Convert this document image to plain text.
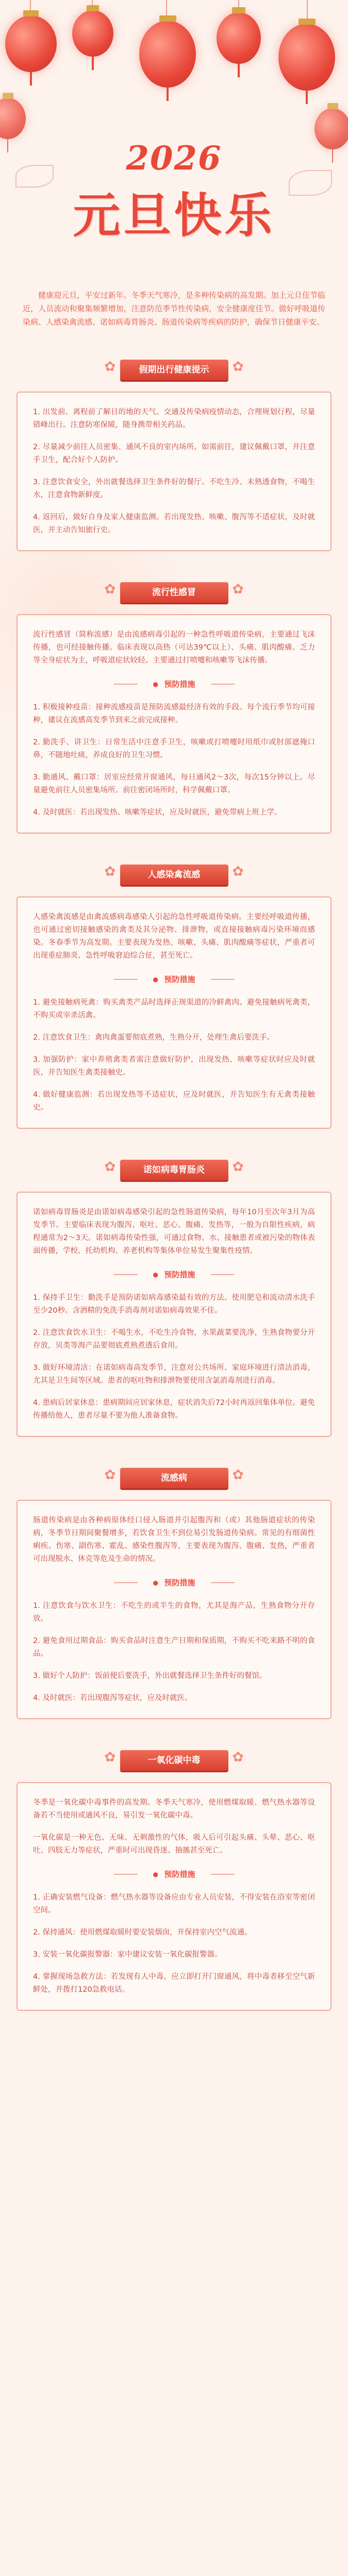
2026
元旦快乐

健康迎元旦，平安过新年。冬季天气寒冷，是多种传染病的高发期。加上元旦佳节临近，人员流动和聚集频繁增加，注意防范季节性传染病，安全健康度佳节。做好呼吸道传染病、人感染禽流感、诺如病毒胃肠炎、肠道传染病等疾病的防护，确保节日健康平安。

✿ 假期出行健康提示 ✿

1. 出发前、离程前了解目的地的天气、交通及传染病疫情动态，合理规划行程，尽量错峰出行。注意防寒保暖，随身携带相关药品。

2. 尽量减少前往人员密集、通风不良的室内场所。如需前往，建议佩戴口罩，并注意手卫生，配合好个人防护。

3. 注意饮食安全，外出就餐选择卫生条件好的餐厅。不吃生冷、未熟透食物，不喝生水，注意食物新鲜度。

4. 返回后，做好自身及家人健康监测。若出现发热、咳嗽、腹泻等不适症状，及时就医，并主动告知旅行史。

✿ 流行性感冒 ✿

流行性感冒（简称流感）是由流感病毒引起的一种急性呼吸道传染病，主要通过飞沫传播，也可经接触传播。临床表现以高热（可达39℃以上）、头痛、肌肉酸痛、乏力等全身症状为主，呼吸道症状较轻。主要通过打喷嚏和咳嗽等飞沫传播。

● 预防措施

1. 积极接种疫苗：接种流感疫苗是预防流感最经济有效的手段。每个流行季节均可接种，建议在流感高发季节到来之前完成接种。

2. 勤洗手、讲卫生：日常生活中注意手卫生，咳嗽或打喷嚏时用纸巾或肘部遮掩口鼻，不随地吐痰，养成良好的卫生习惯。

3. 勤通风、戴口罩：居室应经常开窗通风，每日通风2～3次，每次15分钟以上。尽量避免前往人员密集场所。前往密闭场所时，科学佩戴口罩。

4. 及时就医：若出现发热、咳嗽等症状，应及时就医，避免带病上班上学。

✿ 人感染禽流感 ✿

人感染禽流感是由禽流感病毒感染人引起的急性呼吸道传染病。主要经呼吸道传播，也可通过密切接触感染的禽类及其分泌物、排泄物，或直接接触病毒污染环境而感染。冬春季节为高发期。主要表现为发热、咳嗽、头痛、肌肉酸痛等症状，严重者可出现重症肺炎、急性呼吸窘迫综合征，甚至死亡。

● 预防措施

1. 避免接触病死禽：购买禽类产品时选择正规渠道的冷鲜禽肉。避免接触病死禽类，不购买或宰杀活禽。

2. 注意饮食卫生：禽肉禽蛋要彻底煮熟，生熟分开，处理生禽后要洗手。

3. 加强防护：家中养殖禽类者需注意做好防护，出现发热、咳嗽等症状时应及时就医，并告知医生禽类接触史。

4. 做好健康监测：若出现发热等不适症状，应及时就医，并告知医生有无禽类接触史。

✿ 诺如病毒胃肠炎 ✿

诺如病毒胃肠炎是由诺如病毒感染引起的急性肠道传染病，每年10月至次年3月为高发季节。主要临床表现为腹泻、呕吐、恶心、腹痛、发热等，一般为自限性疾病，病程通常为2～3天。诺如病毒传染性强，可通过食物、水、接触患者或被污染的物体表面传播，学校、托幼机构、养老机构等集体单位易发生聚集性疫情。

● 预防措施

1. 保持手卫生：勤洗手是预防诺如病毒感染最有效的方法。使用肥皂和流动清水洗手至少20秒。含酒精的免洗手消毒剂对诺如病毒效果不佳。

2. 注意饮食饮水卫生：不喝生水，不吃生冷食物，水果蔬菜要洗净，生熟食物要分开存放，贝类等海产品要彻底煮熟煮透后食用。

3. 做好环境清洁：在诺如病毒高发季节，注意对公共场所、家庭环境进行清洁消毒，尤其是卫生间等区域。患者的呕吐物和排泄物要使用含氯消毒剂进行消毒。

4. 患病后居家休息：患病期间应居家休息，症状消失后72小时再返回集体单位。避免传播给他人，患者尽量不要为他人准备食物。

✿ 流感病 ✿

肠道传染病是由各种病原体经口侵入肠道并引起腹泻和（或）其他肠道症状的传染病，冬季节日期间聚餐增多，若饮食卫生不到位易引发肠道传染病。常见的有细菌性痢疾、伤寒、副伤寒、霍乱、感染性腹泻等，主要表现为腹泻、腹痛、发热，严重者可出现脱水、休克等危及生命的情况。

● 预防措施

1. 注意饮食与饮水卫生：不吃生的或半生的食物，尤其是海产品，生熟食物分开存放。

2. 避免食用过期食品：购买食品时注意生产日期和保质期，不购买不吃来路不明的食品。

3. 做好个人防护：饭前便后要洗手，外出就餐选择卫生条件好的餐馆。

4. 及时就医：若出现腹泻等症状，应及时就医。

✿ 一氧化碳中毒 ✿

冬季是一氧化碳中毒事件的高发期。冬季天气寒冷，使用燃煤取暖、燃气热水器等设备若不当使用或通风不良，易引发一氧化碳中毒。

一氧化碳是一种无色、无味、无刺激性的气体，吸入后可引起头痛、头晕、恶心、呕吐、四肢无力等症状，严重时可出现昏迷、抽搐甚至死亡。

● 预防措施

1. 正确安装燃气设备：燃气热水器等设备应由专业人员安装，不得安装在浴室等密闭空间。

2. 保持通风：使用燃煤取暖时要安装烟囱，并保持室内空气流通。

3. 安装一氧化碳报警器：家中建议安装一氧化碳报警器。

4. 掌握现场急救方法：若发现有人中毒，应立即打开门窗通风，将中毒者移至空气新鲜处，并拨打120急救电话。
